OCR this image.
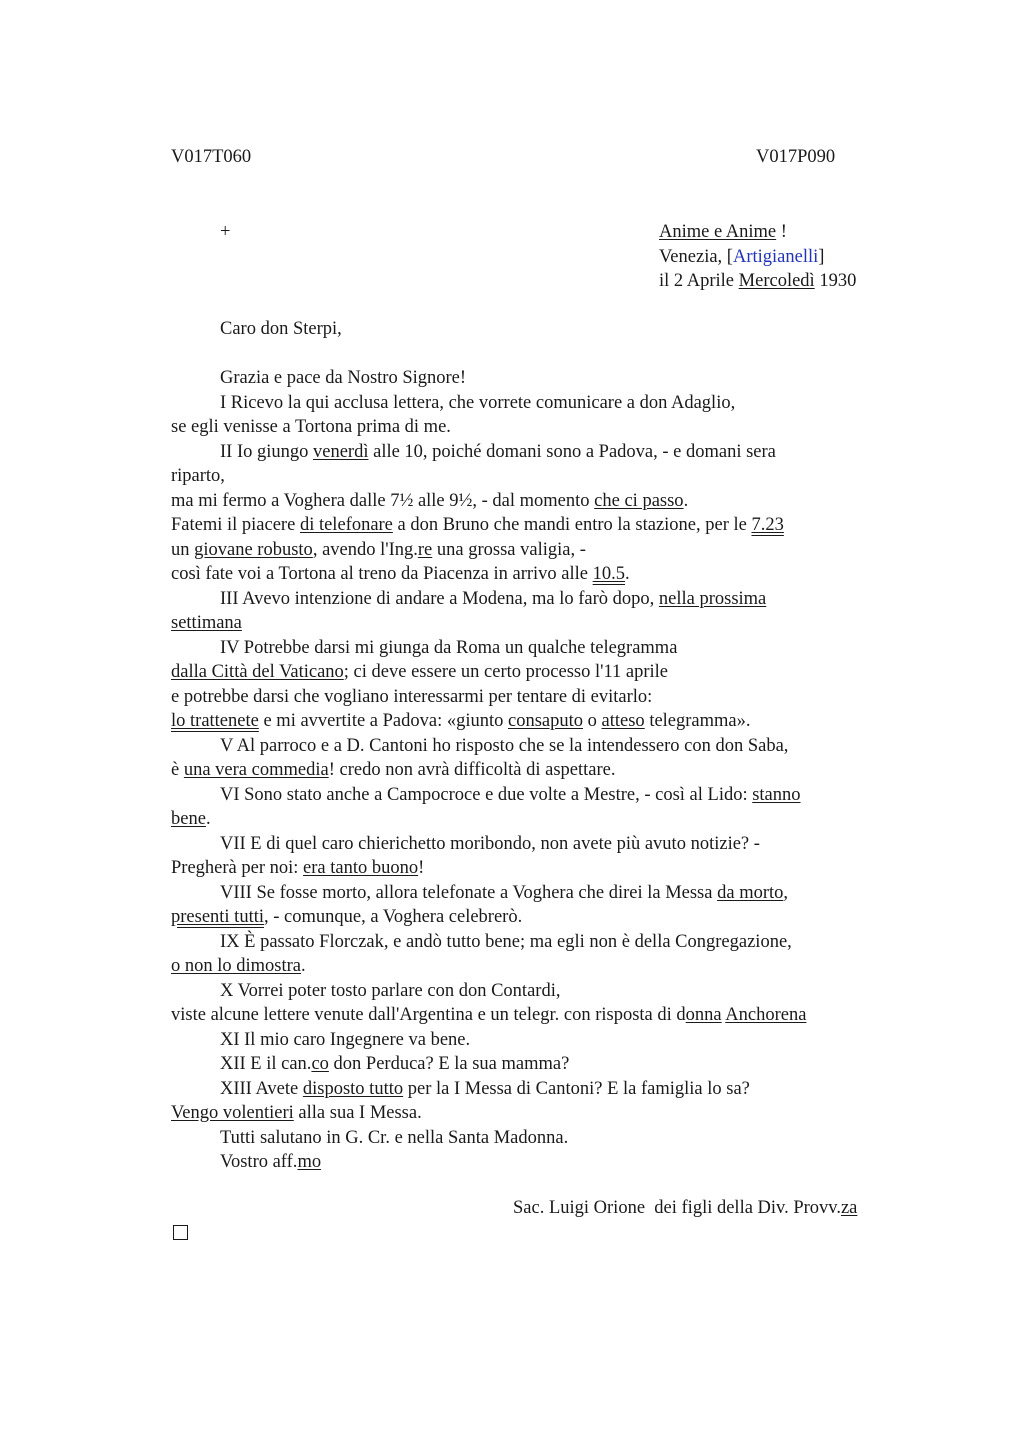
V017T060	V017P090
+	Anime e Anime !
Venezia, [Artigianelli]
il 2 Aprile Mercoledì 1930
Caro don Sterpi,

Grazia e pace da Nostro Signore!

I Ricevo la qui acclusa lettera, che vorrete comunicare a don Adaglio,

se egli venisse a Tortona prima di me.

II Io giungo venerdì alle 10, poiché domani sono a Padova, - e domani sera

riparto,

ma mi fermo a Voghera dalle 7½ alle 9½, - dal momento che ci passo.

Fatemi il piacere di telefonare a don Bruno che mandi entro la stazione, per le 7.23

un giovane robusto, avendo l'Ing.re una grossa valigia, -

così fate voi a Tortona al treno da Piacenza in arrivo alle 10.5.

III Avevo intenzione di andare a Modena, ma lo farò dopo, nella prossima

settimana

IV Potrebbe darsi mi giunga da Roma un qualche telegramma

dalla Città del Vaticano; ci deve essere un certo processo l'11 aprile

e potrebbe darsi che vogliano interessarmi per tentare di evitarlo:

lo trattenete e mi avvertite a Padova: «giunto consaputo o atteso telegramma».

V Al parroco e a D. Cantoni ho risposto che se la intendessero con don Saba,

è una vera commedia! credo non avrà difficoltà di aspettare.

VI Sono stato anche a Campocroce e due volte a Mestre, - così al Lido: stanno

bene.

VII E di quel caro chierichetto moribondo, non avete più avuto notizie? -

Pregherà per noi: era tanto buono!

VIII Se fosse morto, allora telefonate a Voghera che direi la Messa da morto,

presenti tutti, - comunque, a Voghera celebrerò.

IX È passato Florczak, e andò tutto bene; ma egli non è della Congregazione,

o non lo dimostra.

X Vorrei poter tosto parlare con don Contardi,

viste alcune lettere venute dall'Argentina e un telegr. con risposta di donna Anchorena

XI Il mio caro Ingegnere va bene.

XII E il can.co don Perduca? E la sua mamma?

XIII Avete disposto tutto per la I Messa di Cantoni? E la famiglia lo sa?

Vengo volentieri alla sua I Messa.

Tutti salutano in G. Cr. e nella Santa Madonna.

Vostro aff.mo

Sac. Luigi Orione  dei figli della Div. Provv.za
